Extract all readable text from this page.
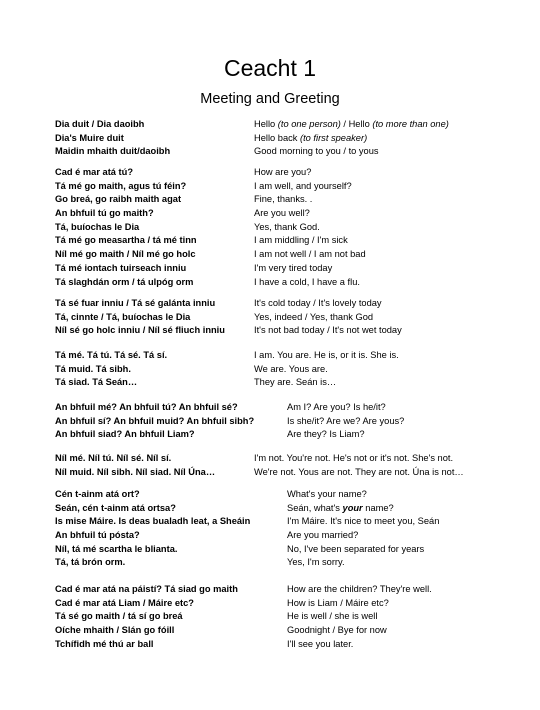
Ceacht 1
Meeting and Greeting
Dia duit / Dia daoibh	Hello (to one person) / Hello (to more than one)
Dia's Muire duit	Hello back (to first speaker)
Maidin mhaith duit/daoibh	Good morning to you / to yous
Cad é mar atá tú?	How are you?
Tá mé go maith, agus tú féin?	I am well, and yourself?
Go breá, go raibh maith agat	Fine, thanks. .
An bhfuil tú go maith?	Are you well?
Tá, buíochas le Dia	Yes, thank God.
Tá mé go measartha / tá mé tinn	I am middling / I'm sick
Níl mé go maith / Níl mé go holc	I am not well / I am not bad
Tá mé iontach tuirseach inniu	I'm very tired today
Tá slaghdán orm / tá ulpóg orm	I have a cold, I have a flu.
Tá sé fuar inniu / Tá sé galánta inniu	It's cold today / It's lovely today
Tá, cinnte / Tá, buíochas le Dia	Yes, indeed / Yes, thank God
Níl sé go holc inniu / Níl sé fliuch inniu	It's not bad today / It's not wet today
Tá mé. Tá tú. Tá sé. Tá sí.	I am. You are. He is, or it is. She is.
Tá muid. Tá sibh.	We are. Yous are.
Tá siad. Tá Seán…	They are. Seán is…
An bhfuil mé? An bhfuil tú? An bhfuil sé?	Am I? Are you? Is he/it?
An bhfuil sí? An bhfuil muid? An bhfuil sibh?	Is she/it? Are we? Are yous?
An bhfuil siad? An bhfuil Liam?	Are they? Is Liam?
Níl mé. Níl tú. Níl sé. Níl sí.	I'm not. You're not. He's not or it's not. She's not.
Níl muid. Níl sibh. Níl siad. Níl Úna…	We're not. Yous are not. They are not. Úna is not…
Cén t-ainm atá ort?	What's your name?
Seán, cén t-ainm atá ortsa?	Seán, what's your name?
Is mise Máire. Is deas bualadh leat, a Sheáin	I'm Máire. It's nice to meet you, Seán
An bhfuil tú pósta?	Are you married?
Níl, tá mé scartha le blianta.	No, I've been separated for years
Tá, tá brón orm.	Yes, I'm sorry.
Cad é mar atá na páistí? Tá siad go maith	How are the children? They're well.
Cad é mar atá Liam / Máire etc?	How is Liam / Máire etc?
Tá sé go maith / tá sí go breá	He is well / she is well
Oíche mhaith / Slán go fóill	Goodnight / Bye for now
Tchífidh mé thú ar ball	I'll see you later.
